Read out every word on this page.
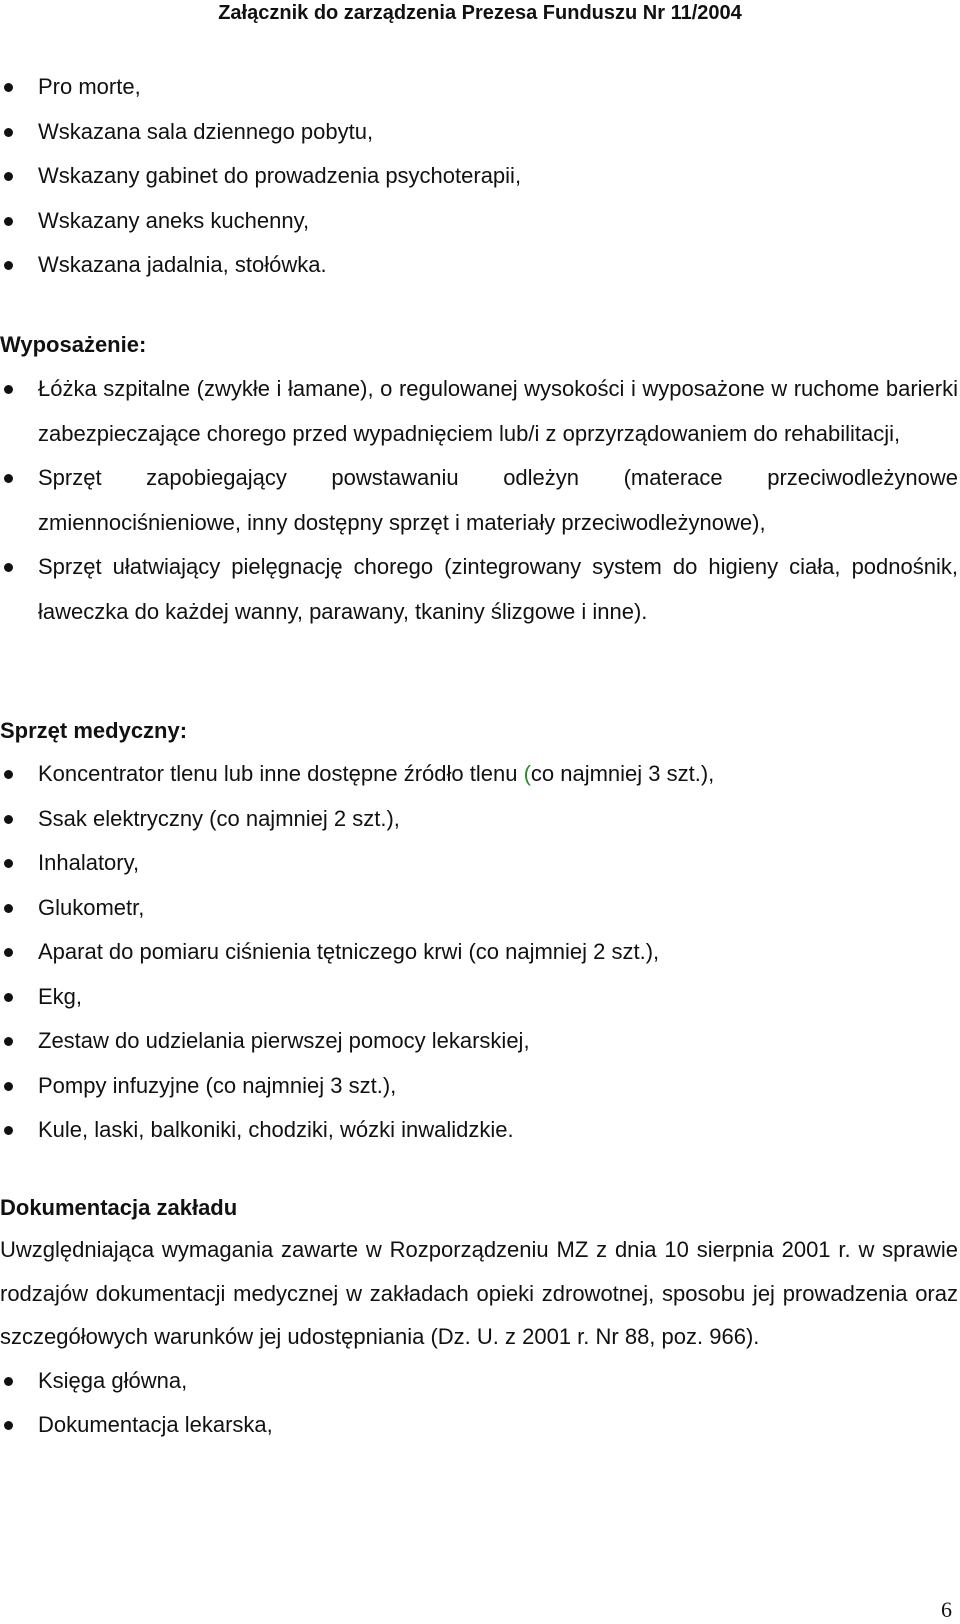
Załącznik do zarządzenia Prezesa Funduszu Nr 11/2004
Pro morte,
Wskazana sala dziennego pobytu,
Wskazany gabinet do prowadzenia psychoterapii,
Wskazany aneks kuchenny,
Wskazana jadalnia, stołówka.
Wyposażenie:
Łóżka szpitalne (zwykłe i łamane), o regulowanej wysokości i wyposażone w ruchome barierki zabezpieczające chorego przed wypadnięciem lub/i z oprzyrządowaniem do rehabilitacji,
Sprzęt zapobiegający powstawaniu odleżyn (materace przeciwodleżynowe zmiennociśnieniowe, inny dostępny sprzęt i materiały przeciwodleżynowe),
Sprzęt ułatwiający pielęgnację chorego (zintegrowany system do higieny ciała, podnośnik, ławeczka do każdej wanny, parawany, tkaniny ślizgowe i inne).
Sprzęt medyczny:
Koncentrator tlenu lub inne dostępne źródło tlenu (co najmniej 3 szt.),
Ssak elektryczny (co najmniej 2 szt.),
Inhalatory,
Glukometr,
Aparat do pomiaru ciśnienia tętniczego krwi (co najmniej 2 szt.),
Ekg,
Zestaw do udzielania pierwszej pomocy lekarskiej,
Pompy infuzyjne (co najmniej 3 szt.),
Kule, laski, balkoniki, chodziki, wózki inwalidzkie.
Dokumentacja zakładu
Uwzględniająca wymagania zawarte w Rozporządzeniu MZ z dnia 10 sierpnia 2001 r. w sprawie rodzajów dokumentacji medycznej w zakładach opieki zdrowotnej, sposobu jej prowadzenia oraz szczegółowych warunków jej udostępniania (Dz. U. z 2001 r. Nr 88, poz. 966).
Księga główna,
Dokumentacja lekarska,
6
